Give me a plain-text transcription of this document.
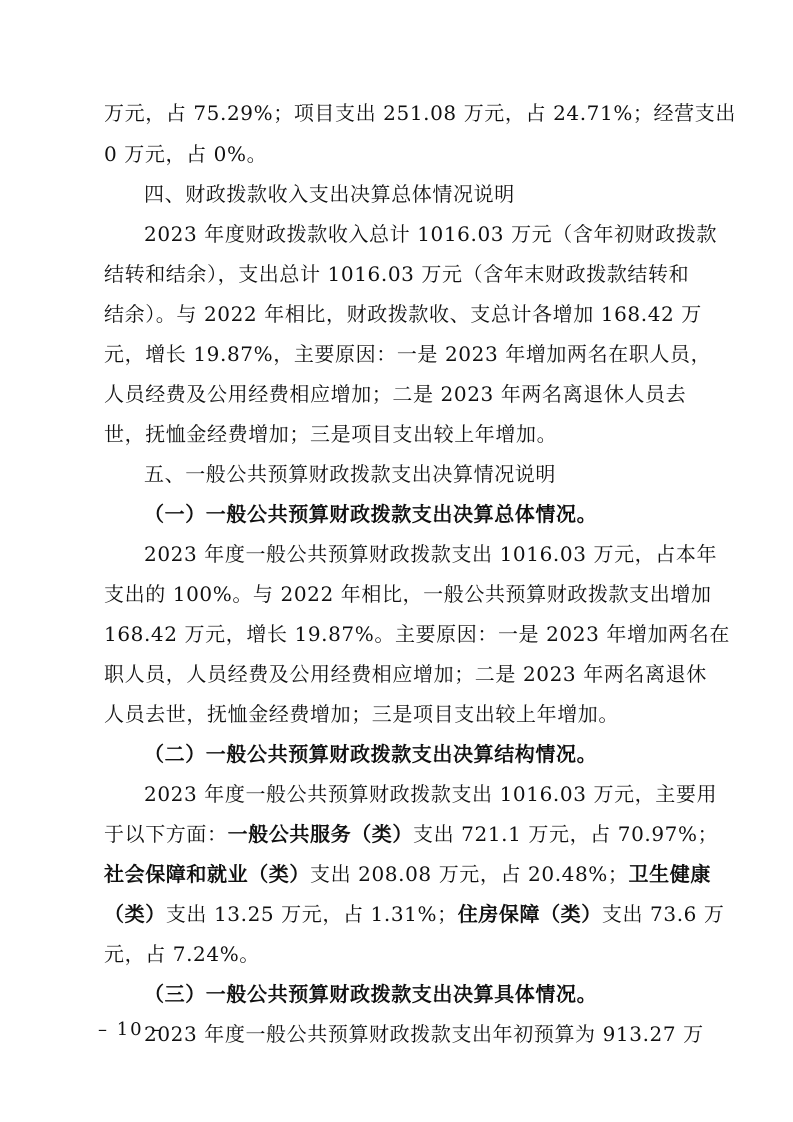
万元，占 75.29%；项目支出 251.08 万元，占 24.71%；经营支出
0 万元，占 0%。
四、财政拨款收入支出决算总体情况说明
2023 年度财政拨款收入总计 1016.03 万元（含年初财政拨款
结转和结余），支出总计 1016.03 万元（含年末财政拨款结转和
结余）。与 2022 年相比，财政拨款收、支总计各增加 168.42 万
元，增长 19.87%，主要原因：一是 2023 年增加两名在职人员，
人员经费及公用经费相应增加；二是 2023 年两名离退休人员去
世，抚恤金经费增加；三是项目支出较上年增加。
五、一般公共预算财政拨款支出决算情况说明
（一）一般公共预算财政拨款支出决算总体情况。
2023 年度一般公共预算财政拨款支出 1016.03 万元，占本年
支出的 100%。与 2022 年相比，一般公共预算财政拨款支出增加
168.42 万元，增长 19.87%。主要原因：一是 2023 年增加两名在
职人员，人员经费及公用经费相应增加；二是 2023 年两名离退休
人员去世，抚恤金经费增加；三是项目支出较上年增加。
（二）一般公共预算财政拨款支出决算结构情况。
2023 年度一般公共预算财政拨款支出 1016.03 万元，主要用
于以下方面：一般公共服务（类）支出 721.1 万元，占 70.97%；
社会保障和就业（类）支出 208.08 万元，占 20.48%；卫生健康
（类）支出 13.25 万元，占 1.31%；住房保障（类）支出 73.6 万
元，占 7.24%。
（三）一般公共预算财政拨款支出决算具体情况。
2023 年度一般公共预算财政拨款支出年初预算为 913.27 万
– 10 –
